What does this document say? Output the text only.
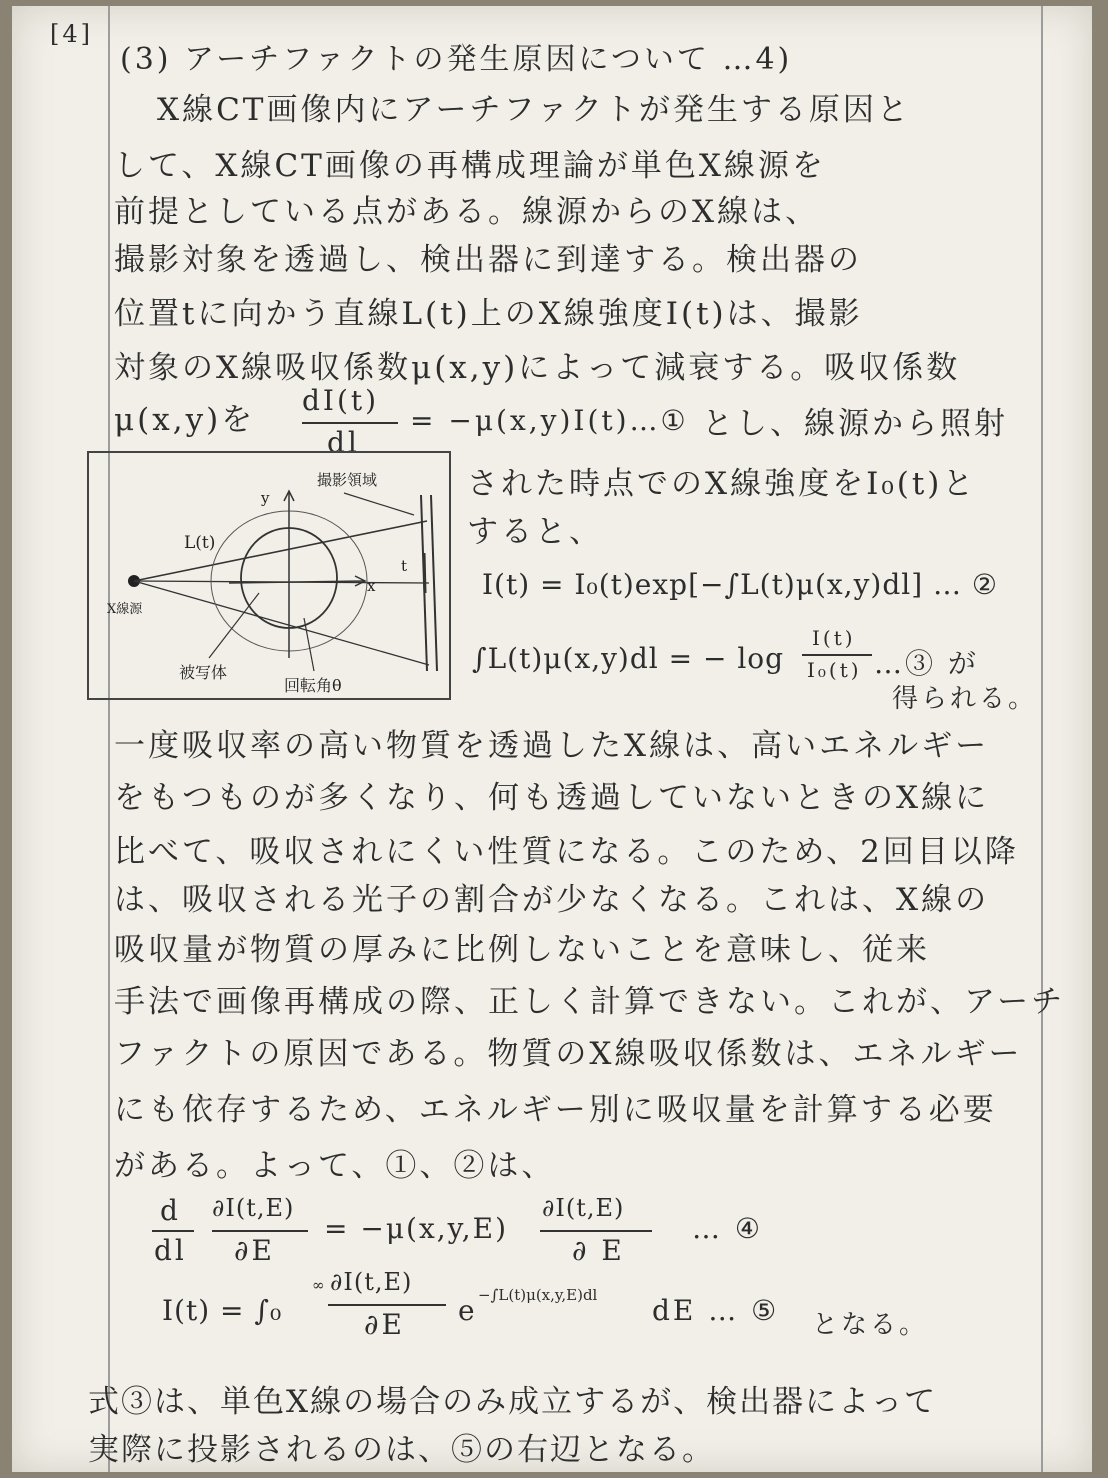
[4]
(3) アーチファクトの発生原因について …4)
X線CT画像内にアーチファクトが発生する原因と
して、X線CT画像の再構成理論が単色X線源を
前提としている点がある。線源からのX線は、
撮影対象を透過し、検出器に到達する。検出器の
位置tに向かう直線L(t)上のX線強度I(t)は、撮影
対象のX線吸収係数μ(x,y)によって減衰する。吸収係数
μ(x,y)を
dI(t)
dl
= −μ(x,y)I(t)…① とし、線源から照射
y
x
L(t)
t
撮影領域
X線源
被写体
回転角θ
された時点でのX線強度をI₀(t)と
すると、
I(t) = I₀(t)exp[−∫L(t)μ(x,y)dl] … ②
∫L(t)μ(x,y)dl = − log
I(t)
I₀(t) …③ が
得られる。
一度吸収率の高い物質を透過したX線は、高いエネルギー
をもつものが多くなり、何も透過していないときのX線に
比べて、吸収されにくい性質になる。このため、2回目以降
は、吸収される光子の割合が少なくなる。これは、X線の
吸収量が物質の厚みに比例しないことを意味し、従来
手法で画像再構成の際、正しく計算できない。これが、アーチ
ファクトの原因である。物質のX線吸収係数は、エネルギー
にも依存するため、エネルギー別に吸収量を計算する必要
がある。よって、①、②は、
d
dl
∂I(t,E)
∂E
= −μ(x,y,E)
∂I(t,E)
∂ E
… ④
I(t) = ∫₀
∞ ∂I(t,E)
∂E e −∫L(t)μ(x,y,E)dl dE … ⑤ となる。
式③は、単色X線の場合のみ成立するが、検出器によって
実際に投影されるのは、⑤の右辺となる。
